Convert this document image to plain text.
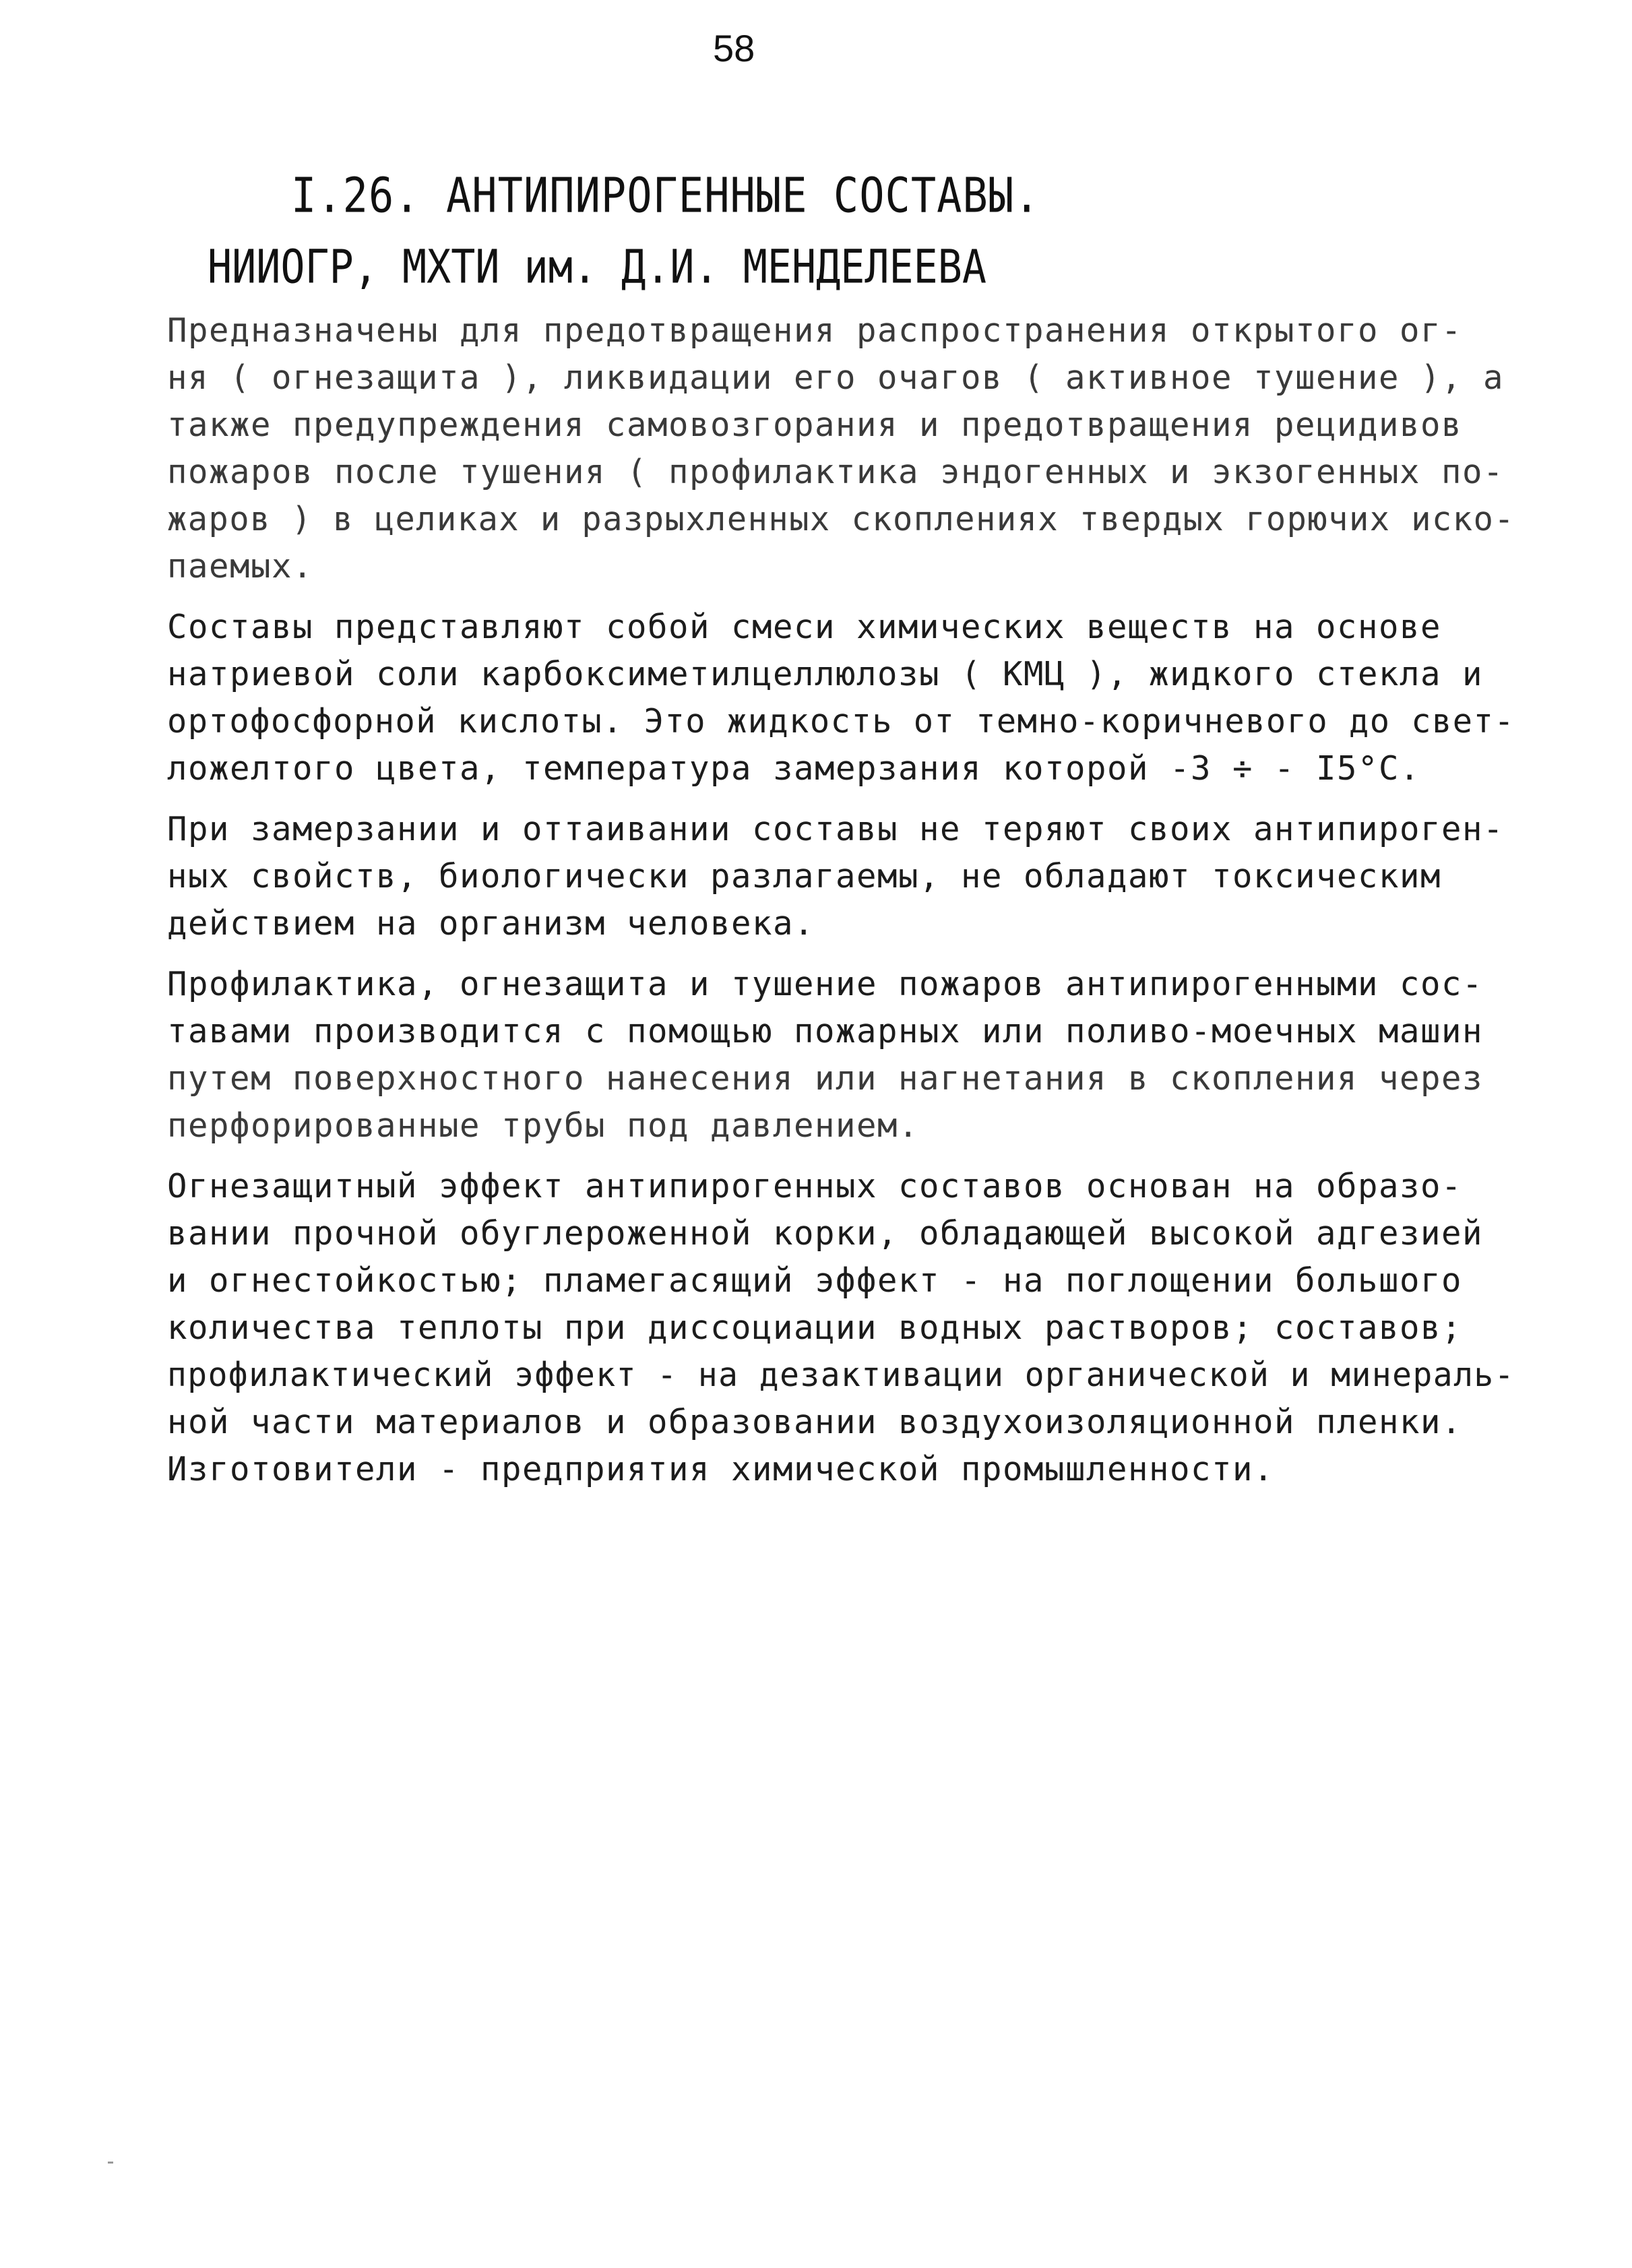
58
I.26. АНТИПИРОГЕННЫЕ СОСТАВЫ.
НИИОГР, МХТИ им. Д.И. МЕНДЕЛЕЕВА
Предназначены для предотвращения распространения открытого ог-
ня ( огнезащита ), ликвидации его очагов ( активное тушение ), а
также предупреждения самовозгорания и предотвращения рецидивов
пожаров после тушения ( профилактика эндогенных и экзогенных по-
жаров ) в целиках и разрыхленных скоплениях твердых горючих иско-
паемых.
Составы представляют собой смеси химических веществ на основе
натриевой соли карбоксиметилцеллюлозы ( КМЦ ), жидкого стекла и
ортофосфорной кислоты. Это жидкость от темно-коричневого до свет-
ложелтого цвета, температура замерзания которой -3 ÷ - I5°C.
При замерзании и оттаивании составы не теряют своих антипироген-
ных свойств, биологически разлагаемы, не обладают токсическим
действием на организм человека.
Профилактика, огнезащита и тушение пожаров антипирогенными сос-
тавами производится с помощью пожарных или поливо-моечных машин
путем поверхностного нанесения или нагнетания в скопления через
перфорированные трубы под давлением.
Огнезащитный эффект антипирогенных составов основан на образо-
вании прочной обуглероженной корки, обладающей высокой адгезией
и огнестойкостью; пламегасящий эффект - на поглощении большого
количества теплоты при диссоциации водных растворов; составов;
профилактический эффект - на дезактивации органической и минераль-
ной части материалов и образовании воздухоизоляционной пленки.
Изготовители - предприятия химической промышленности.
